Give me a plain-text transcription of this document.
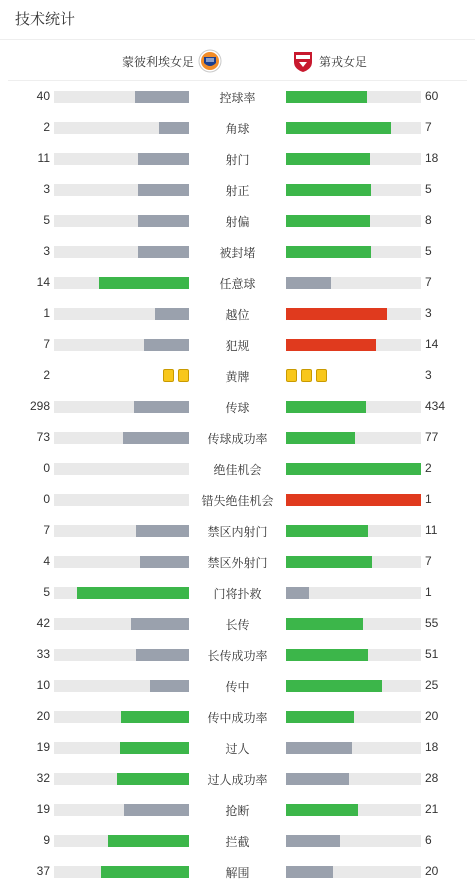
技术统计
蒙彼利埃女足	第戎女足
40	控球率	60
2	角球	7
11	射门	18
3	射正	5
5	射偏	8
3	被封堵	5
14	任意球	7
1	越位	3
7	犯规	14
2	黄牌	3
298	传球	434
73	传球成功率	77
0	绝佳机会	2
0	错失绝佳机会	1
7	禁区内射门	11
4	禁区外射门	7
5	门将扑救	1
42	长传	55
33	长传成功率	51
10	传中	25
20	传中成功率	20
19	过人	18
32	过人成功率	28
19	抢断	21
9	拦截	6
37	解围	20
